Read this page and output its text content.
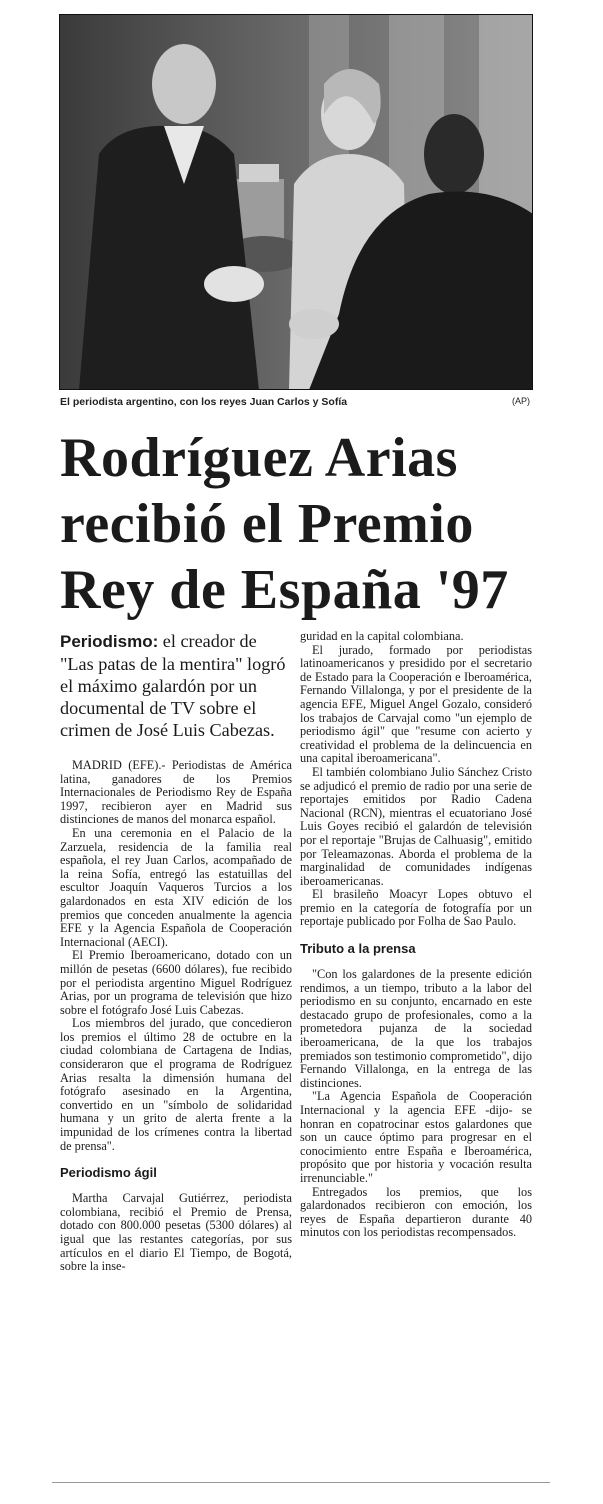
El periodista argentino, con los reyes Juan Carlos y Sofía	(AP)
Rodríguez Arias
recibió el Premio
Rey de España '97

Periodismo: el creador de "Las patas de la mentira" logró el máximo galardón por un documental de TV sobre el crimen de José Luis Cabezas.

MADRID (EFE).- Periodistas de América latina, ganadores de los Premios Internacionales de Periodismo Rey de España 1997, recibieron ayer en Madrid sus distinciones de manos del monarca español.

En una ceremonia en el Palacio de la Zarzuela, residencia de la familia real española, el rey Juan Carlos, acompañado de la reina Sofía, entregó las estatuillas del escultor Joaquín Vaqueros Turcios a los galardonados en esta XIV edición de los premios que conceden anualmente la agencia EFE y la Agencia Española de Cooperación Internacional (AECI).

El Premio Iberoamericano, dotado con un millón de pesetas (6600 dólares), fue recibido por el periodista argentino Miguel Rodríguez Arias, por un programa de televisión que hizo sobre el fotógrafo José Luis Cabezas.

Los miembros del jurado, que concedieron los premios el último 28 de octubre en la ciudad colombiana de Cartagena de Indias, consideraron que el programa de Rodríguez Arias resalta la dimensión humana del fotógrafo asesinado en la Argentina, convertido en un "símbolo de solidaridad humana y un grito de alerta frente a la impunidad de los crímenes contra la libertad de prensa".

Periodismo ágil

Martha Carvajal Gutiérrez, periodista colombiana, recibió el Premio de Prensa, dotado con 800.000 pesetas (5300 dólares) al igual que las restantes categorías, por sus artículos en el diario El Tiempo, de Bogotá, sobre la inse-

guridad en la capital colombiana.

El jurado, formado por periodistas latinoamericanos y presidido por el secretario de Estado para la Cooperación e Iberoamérica, Fernando Villalonga, y por el presidente de la agencia EFE, Miguel Angel Gozalo, consideró los trabajos de Carvajal como "un ejemplo de periodismo ágil" que "resume con acierto y creatividad el problema de la delincuencia en una capital iberoamericana".

El también colombiano Julio Sánchez Cristo se adjudicó el premio de radio por una serie de reportajes emitidos por Radio Cadena Nacional (RCN), mientras el ecuatoriano José Luis Goyes recibió el galardón de televisión por el reportaje "Brujas de Calhuasig", emitido por Teleamazonas. Aborda el problema de la marginalidad de comunidades indígenas iberoamericanas.

El brasileño Moacyr Lopes obtuvo el premio en la categoría de fotografía por un reportaje publicado por Folha de Sao Paulo.

Tributo a la prensa

"Con los galardones de la presente edición rendimos, a un tiempo, tributo a la labor del periodismo en su conjunto, encarnado en este destacado grupo de profesionales, como a la prometedora pujanza de la sociedad iberoamericana, de la que los trabajos premiados son testimonio comprometido", dijo Fernando Villalonga, en la entrega de las distinciones.

"La Agencia Española de Cooperación Internacional y la agencia EFE -dijo- se honran en copatrocinar estos galardones que son un cauce óptimo para progresar en el conocimiento entre España e Iberoamérica, propósito que por historia y vocación resulta irrenunciable."

Entregados los premios, que los galardonados recibieron con emoción, los reyes de España departieron durante 40 minutos con los periodistas recompensados.
